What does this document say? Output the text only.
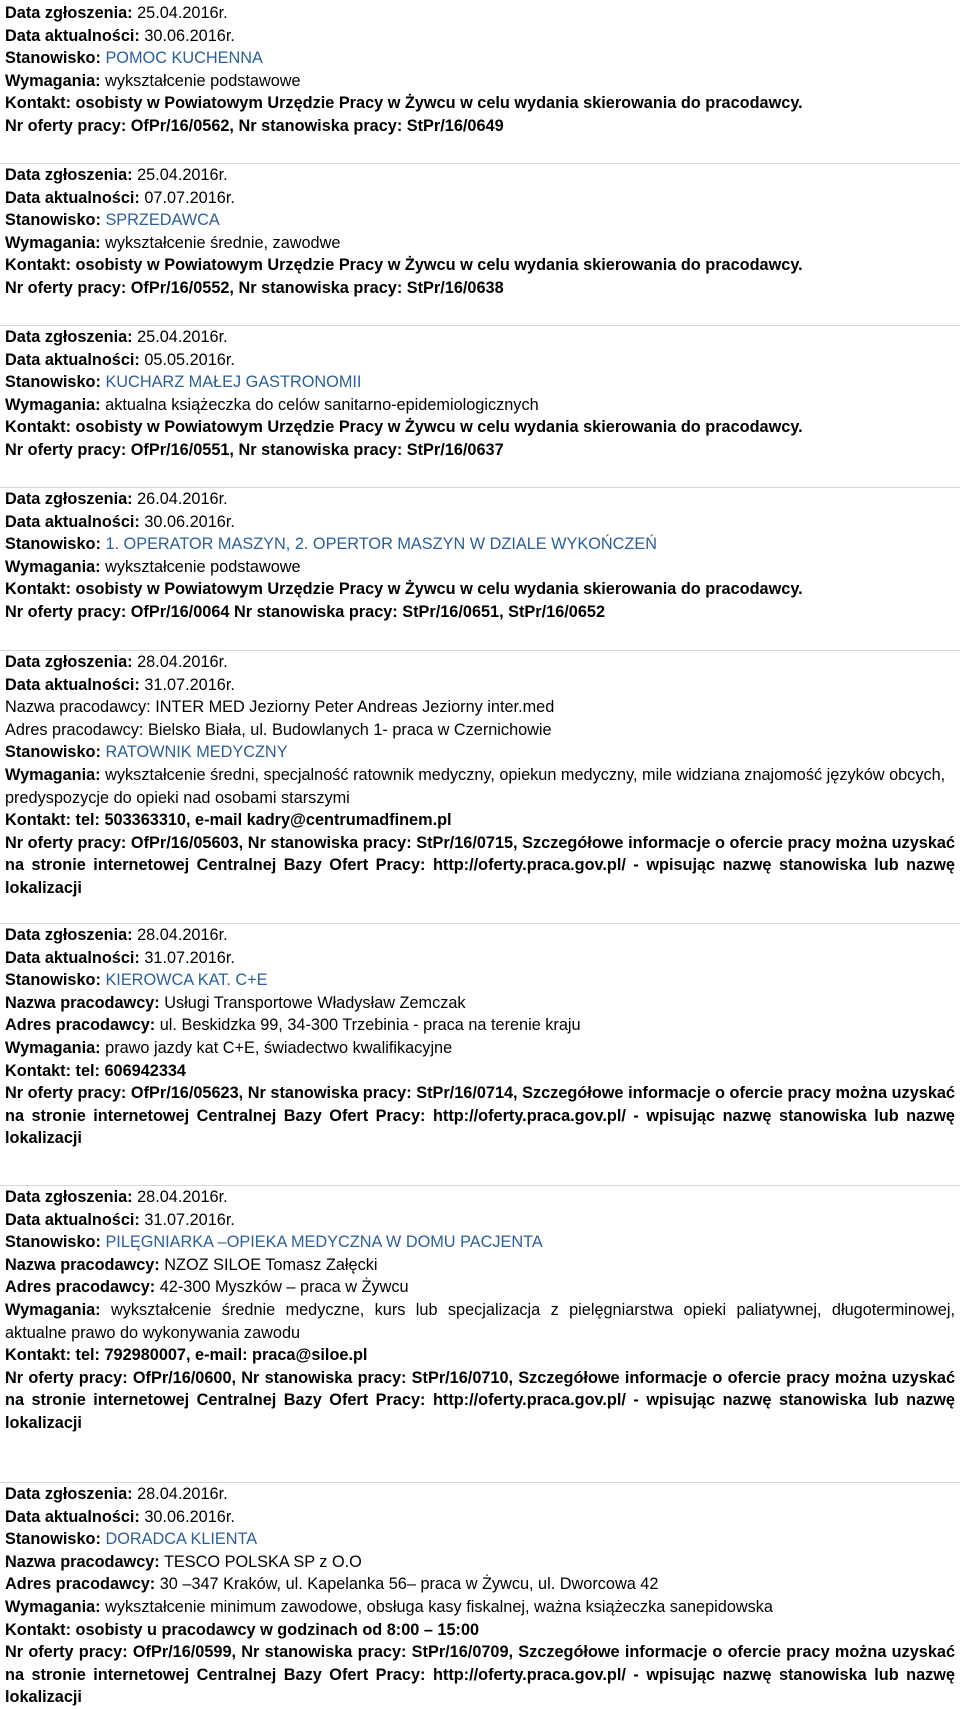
Data zgłoszenia: 25.04.2016r.

Data aktualności: 30.06.2016r.

Stanowisko: POMOC KUCHENNA

Wymagania: wykształcenie podstawowe

Kontakt: osobisty w Powiatowym Urzędzie Pracy w Żywcu w celu wydania skierowania do pracodawcy.

Nr oferty pracy: OfPr/16/0562, Nr stanowiska pracy: StPr/16/0649

Data zgłoszenia: 25.04.2016r.

Data aktualności: 07.07.2016r.

Stanowisko: SPRZEDAWCA

Wymagania: wykształcenie średnie, zawodwe

Kontakt: osobisty w Powiatowym Urzędzie Pracy w Żywcu w celu wydania skierowania do pracodawcy.

Nr oferty pracy: OfPr/16/0552, Nr stanowiska pracy: StPr/16/0638

Data zgłoszenia: 25.04.2016r.

Data aktualności: 05.05.2016r.

Stanowisko: KUCHARZ MAŁEJ GASTRONOMII

Wymagania: aktualna książeczka do celów sanitarno-epidemiologicznych

Kontakt: osobisty w Powiatowym Urzędzie Pracy w Żywcu w celu wydania skierowania do pracodawcy.

Nr oferty pracy: OfPr/16/0551, Nr stanowiska pracy: StPr/16/0637

Data zgłoszenia: 26.04.2016r.

Data aktualności: 30.06.2016r.

Stanowisko: 1. OPERATOR MASZYN, 2. OPERTOR MASZYN W DZIALE WYKOŃCZEŃ

Wymagania: wykształcenie podstawowe

Kontakt: osobisty w Powiatowym Urzędzie Pracy w Żywcu w celu wydania skierowania do pracodawcy.

Nr oferty pracy: OfPr/16/0064 Nr stanowiska pracy: StPr/16/0651, StPr/16/0652

Data zgłoszenia: 28.04.2016r.

Data aktualności: 31.07.2016r.

Nazwa pracodawcy: INTER MED Jeziorny Peter Andreas Jeziorny inter.med

Adres pracodawcy: Bielsko Biała, ul. Budowlanych 1- praca w Czernichowie

Stanowisko: RATOWNIK MEDYCZNY

Wymagania: wykształcenie średni, specjalność ratownik medyczny, opiekun medyczny, mile widziana znajomość języków obcych, predyspozycje do opieki nad osobami starszymi

Kontakt: tel: 503363310, e-mail kadry@centrumadfinem.pl

Nr oferty pracy: OfPr/16/05603, Nr stanowiska pracy: StPr/16/0715, Szczegółowe informacje o ofercie pracy można uzyskać na stronie internetowej Centralnej Bazy Ofert Pracy: http://oferty.praca.gov.pl/ - wpisując nazwę stanowiska lub nazwę lokalizacji

Data zgłoszenia: 28.04.2016r.

Data aktualności: 31.07.2016r.

Stanowisko: KIEROWCA KAT. C+E

Nazwa pracodawcy: Usługi Transportowe Władysław Zemczak

Adres pracodawcy: ul. Beskidzka 99, 34-300 Trzebinia - praca na terenie kraju

Wymagania: prawo jazdy kat C+E, świadectwo kwalifikacyjne

Kontakt: tel: 606942334

Nr oferty pracy: OfPr/16/05623, Nr stanowiska pracy: StPr/16/0714, Szczegółowe informacje o ofercie pracy można uzyskać na stronie internetowej Centralnej Bazy Ofert Pracy: http://oferty.praca.gov.pl/ - wpisując nazwę stanowiska lub nazwę lokalizacji

Data zgłoszenia: 28.04.2016r.

Data aktualności: 31.07.2016r.

Stanowisko: PILĘGNIARKA –OPIEKA MEDYCZNA W DOMU PACJENTA

Nazwa pracodawcy: NZOZ SILOE Tomasz Załęcki

Adres pracodawcy: 42-300 Myszków – praca w Żywcu

Wymagania: wykształcenie średnie medyczne, kurs lub specjalizacja z pielęgniarstwa opieki paliatywnej, długoterminowej, aktualne prawo do wykonywania zawodu

Kontakt: tel: 792980007, e-mail: praca@siloe.pl

Nr oferty pracy: OfPr/16/0600, Nr stanowiska pracy: StPr/16/0710, Szczegółowe informacje o ofercie pracy można uzyskać na stronie internetowej Centralnej Bazy Ofert Pracy: http://oferty.praca.gov.pl/ - wpisując nazwę stanowiska lub nazwę lokalizacji

Data zgłoszenia: 28.04.2016r.

Data aktualności: 30.06.2016r.

Stanowisko: DORADCA KLIENTA

Nazwa pracodawcy: TESCO POLSKA SP z O.O

Adres pracodawcy: 30 –347 Kraków, ul. Kapelanka 56– praca w Żywcu, ul. Dworcowa 42

Wymagania: wykształcenie minimum zawodowe, obsługa kasy fiskalnej, ważna książeczka sanepidowska

Kontakt: osobisty u pracodawcy w godzinach od 8:00 – 15:00

Nr oferty pracy: OfPr/16/0599, Nr stanowiska pracy: StPr/16/0709, Szczegółowe informacje o ofercie pracy można uzyskać na stronie internetowej Centralnej Bazy Ofert Pracy: http://oferty.praca.gov.pl/ - wpisując nazwę stanowiska lub nazwę lokalizacji
